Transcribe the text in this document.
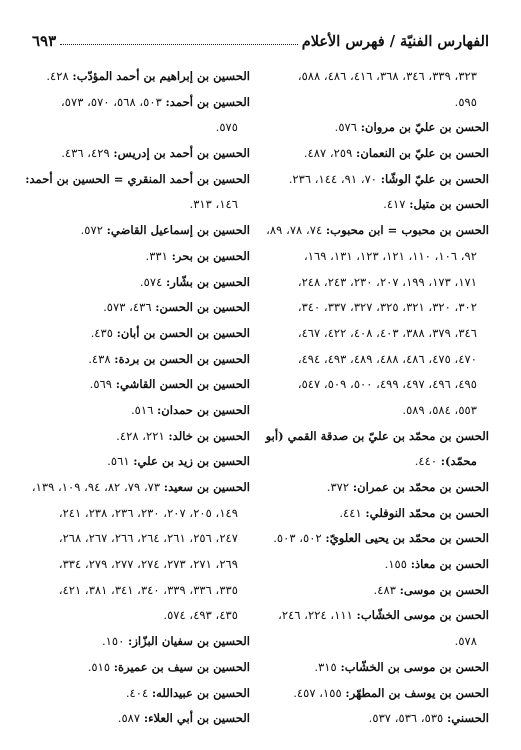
الفهارس الفنيّة / فهرس الأعلام
٦٩٣
٣٢٣، ٣٣٩، ٣٤٦، ٣٦٨، ٤١٦، ٤٨٦، ٥٨٨،
٥٩٥.
الحسن بن عليّ بن مروان: ٥٧٦.
الحسن بن عليّ بن النعمان: ٢٥٩، ٤٨٧.
الحسن بن عليّ الوشّا: ٧٠، ٩١، ١٤٤، ٢٣٦.
الحسن بن متيل: ٤١٧.
الحسن بن محبوب = ابن محبوب: ٧٤، ٧٨، ٨٩،
٩٢، ١٠٦، ١١٠، ١٢١، ١٢٣، ١٣١، ١٦٩،
١٧١، ١٧٣، ١٩٩، ٢٠٧، ٢٣٠، ٢٤٣، ٢٤٨،
٣٠٢، ٣٢٠، ٣٢١، ٣٢٥، ٣٢٧، ٣٣٧، ٣٤٠،
٣٤٦، ٣٧٩، ٣٨٨، ٤٠٣، ٤٠٨، ٤٢٢، ٤٦٧،
٤٧٠، ٤٧٥، ٤٨٦، ٤٨٨، ٤٨٩، ٤٩٣، ٤٩٤،
٤٩٥، ٤٩٦، ٤٩٧، ٤٩٩، ٥٠٠، ٥٠٩، ٥٤٧،
٥٥٣، ٥٨٤، ٥٨٩.
الحسن بن محمّد بن عليّ بن صدقة القمي (أبو
محمّد): ٤٤٠.
الحسن بن محمّد بن عمران: ٣٧٢.
الحسن بن محمّد النوفلي: ٤٤١.
الحسن بن محمّد بن يحيى العلويّ: ٥٠٢، ٥٠٣.
الحسن بن معاذ: ١٥٥.
الحسن بن موسى: ٤٨٣.
الحسن بن موسى الخشّاب: ١١١، ٢٢٤، ٢٤٦،
٥٧٨.
الحسن بن موسى بن الخشّاب: ٣١٥.
الحسن بن يوسف بن المطهّر: ١٥٥، ٤٥٧.
الحسني: ٥٣٥، ٥٣٦، ٥٣٧.
الحسين بن إبراهيم بن أحمد المؤدّب: ٤٢٨.
الحسين بن أحمد: ٥٠٣، ٥٦٨، ٥٧٠، ٥٧٣،
٥٧٥.
الحسين بن أحمد بن إدريس: ٤٢٩، ٤٣٦.
الحسين بن أحمد المنقري = الحسين بن أحمد:
١٤٦، ٣١٣.
الحسين بن إسماعيل القاضي: ٥٧٢.
الحسين بن بحر: ٣٣١.
الحسين بن بشّار: ٥٧٤.
الحسين بن الحسن: ٤٣٦، ٥٧٣.
الحسين بن الحسن بن أبان: ٤٣٥.
الحسين بن الحسن بن بردة: ٤٣٨.
الحسين بن الحسن القاشي: ٥٦٩.
الحسين بن حمدان: ٥١٦.
الحسين بن خالد: ٢٢١، ٤٢٨.
الحسين بن زيد بن علي: ٥٦١.
الحسين بن سعيد: ٧٣، ٧٩، ٨٢، ٩٤، ١٠٩، ١٣٩،
١٤٩، ٢٠٥، ٢٠٧، ٢٣٠، ٢٣٦، ٢٣٨، ٢٤١،
٢٤٧، ٢٥٦، ٢٦١، ٢٦٤، ٢٦٦، ٢٦٧، ٢٦٨،
٢٦٩، ٢٧١، ٢٧٣، ٢٧٤، ٢٧٧، ٢٧٩، ٣٣٤،
٣٣٥، ٣٣٦، ٣٣٩، ٣٤٠، ٣٤١، ٣٨١، ٤٢١،
٤٣٥، ٤٩٣، ٥٧٤.
الحسين بن سفيان البزّاز: ١٥٠.
الحسين بن سيف بن عميرة: ٥١٥.
الحسين بن عبيدالله: ٤٠٤.
الحسين بن أبي العلاء: ٥٨٧.
